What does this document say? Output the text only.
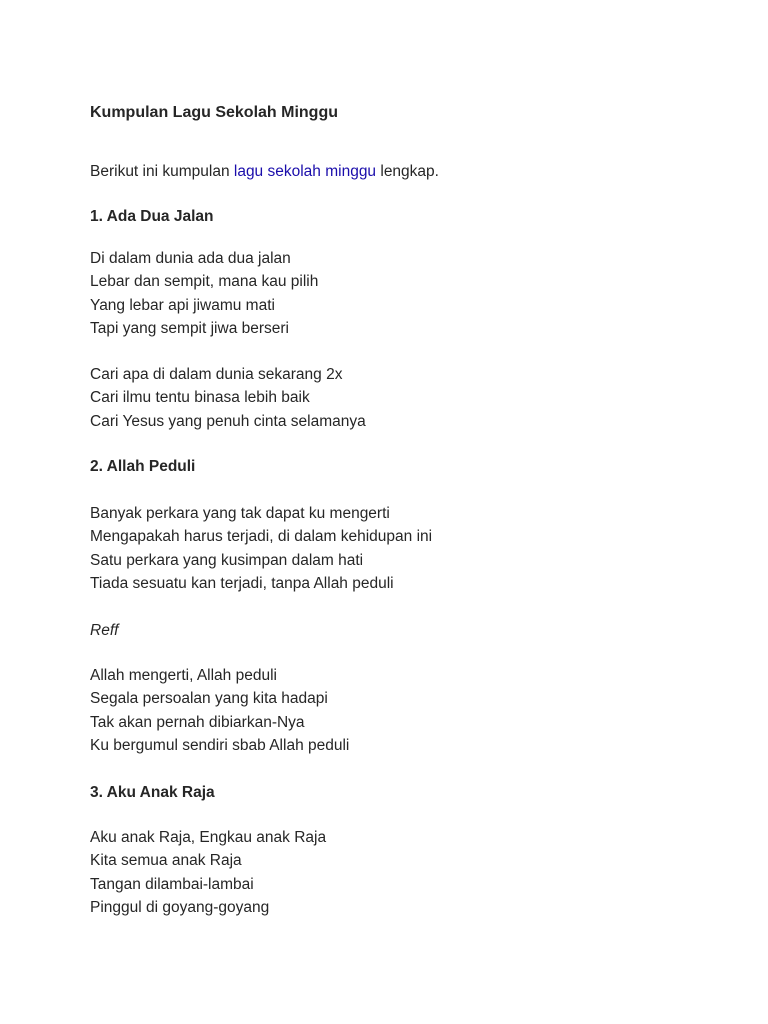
Kumpulan Lagu Sekolah Minggu

Berikut ini kumpulan lagu sekolah minggu lengkap.

1. Ada Dua Jalan
Di dalam dunia ada dua jalan
Lebar dan sempit, mana kau pilih
Yang lebar api jiwamu mati
Tapi yang sempit jiwa berseri
Cari apa di dalam dunia sekarang 2x
Cari ilmu tentu binasa lebih baik
Cari Yesus yang penuh cinta selamanya
2. Allah Peduli
Banyak perkara yang tak dapat ku mengerti
Mengapakah harus terjadi, di dalam kehidupan ini
Satu perkara yang kusimpan dalam hati
Tiada sesuatu kan terjadi, tanpa Allah peduli

Reff

Allah mengerti, Allah peduli
Segala persoalan yang kita hadapi
Tak akan pernah dibiarkan-Nya
Ku bergumul sendiri sbab Allah peduli
3. Aku Anak Raja
Aku anak Raja, Engkau anak Raja
Kita semua anak Raja
Tangan dilambai-lambai
Pinggul di goyang-goyang
